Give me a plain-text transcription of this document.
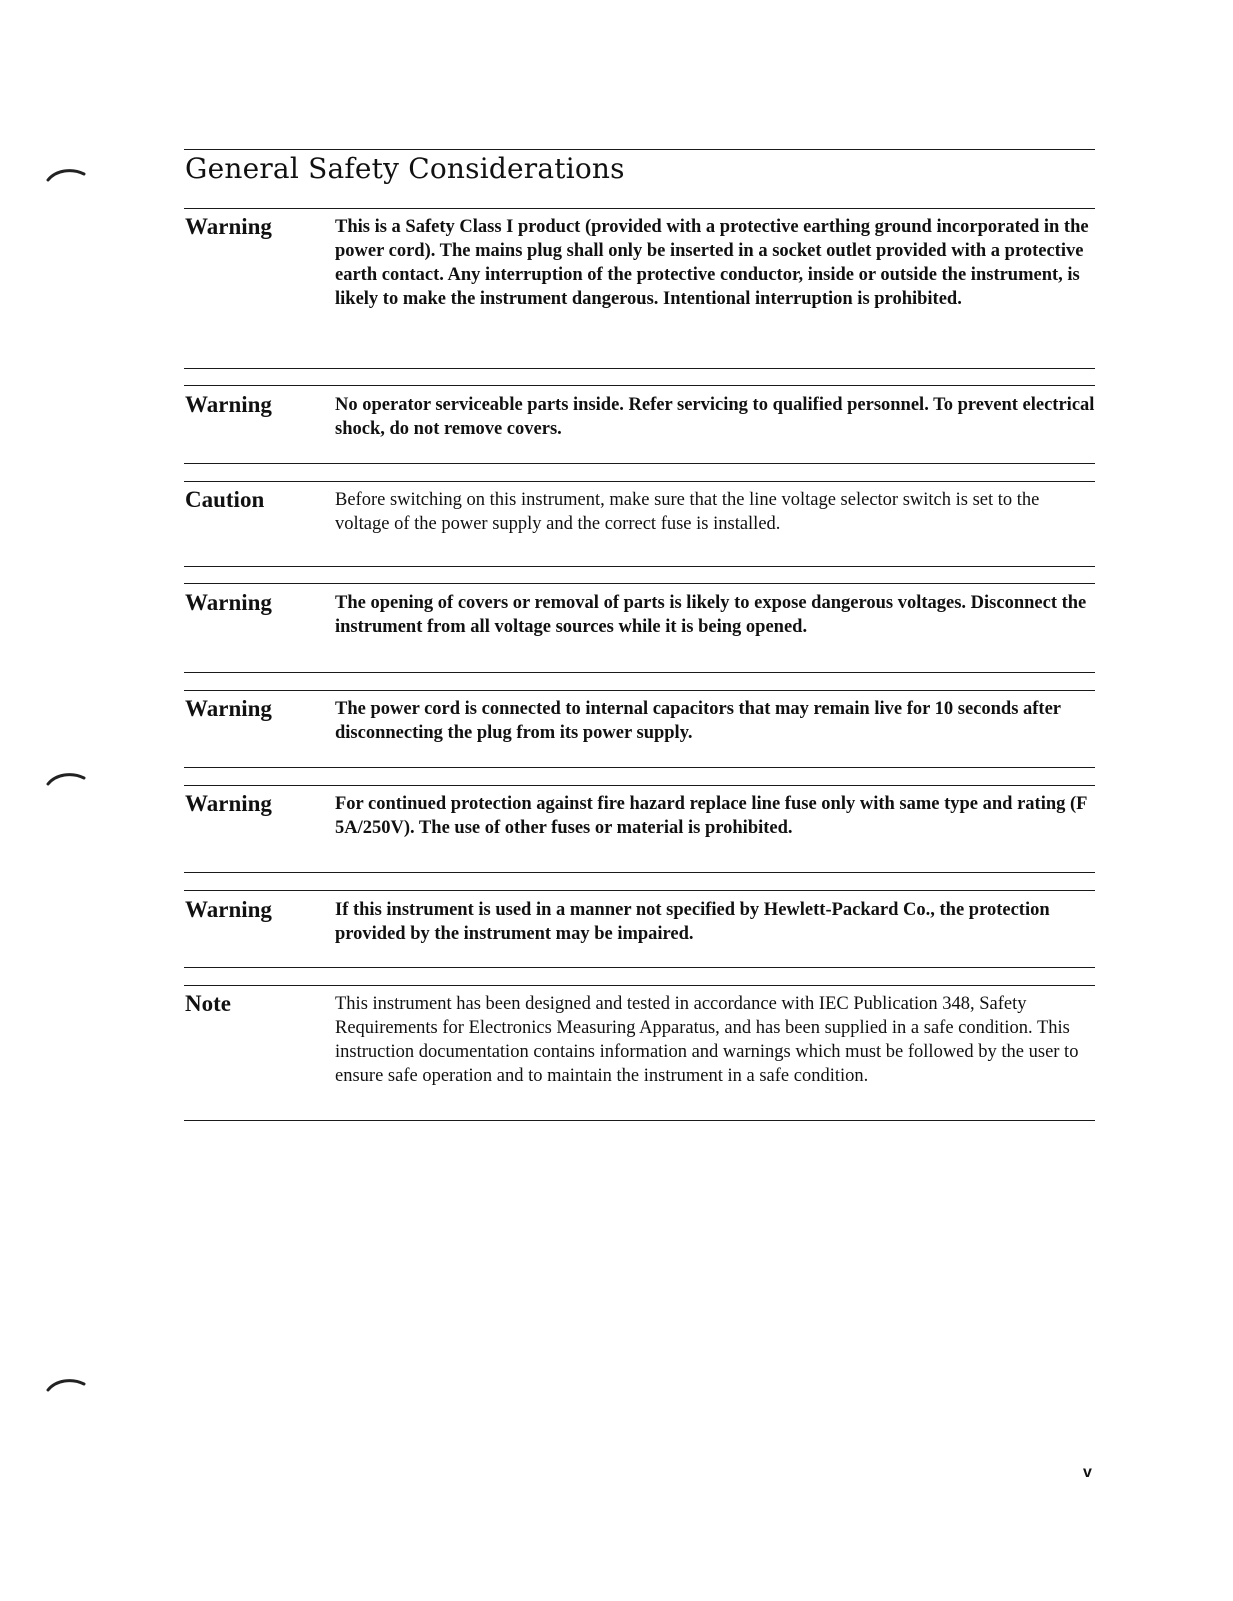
General Safety Considerations
Warning	This is a Safety Class I product (provided with a protective earthing ground incorporated in the power cord). The mains plug shall only be inserted in a socket outlet provided with a protective earth contact. Any interruption of the protective conductor, inside or outside the instrument, is likely to make the instrument dangerous. Intentional interruption is prohibited.
Warning	No operator serviceable parts inside. Refer servicing to qualified personnel. To prevent electrical shock, do not remove covers.
Caution	Before switching on this instrument, make sure that the line voltage selector switch is set to the voltage of the power supply and the correct fuse is installed.
Warning	The opening of covers or removal of parts is likely to expose dangerous voltages. Disconnect the instrument from all voltage sources while it is being opened.
Warning	The power cord is connected to internal capacitors that may remain live for 10 seconds after disconnecting the plug from its power supply.
Warning	For continued protection against fire hazard replace line fuse only with same type and rating (F 5A/250V). The use of other fuses or material is prohibited.
Warning	If this instrument is used in a manner not specified by Hewlett-Packard Co., the protection provided by the instrument may be impaired.
Note	This instrument has been designed and tested in accordance with IEC Publication 348, Safety Requirements for Electronics Measuring Apparatus, and has been supplied in a safe condition. This instruction documentation contains information and warnings which must be followed by the user to ensure safe operation and to maintain the instrument in a safe condition.
v
